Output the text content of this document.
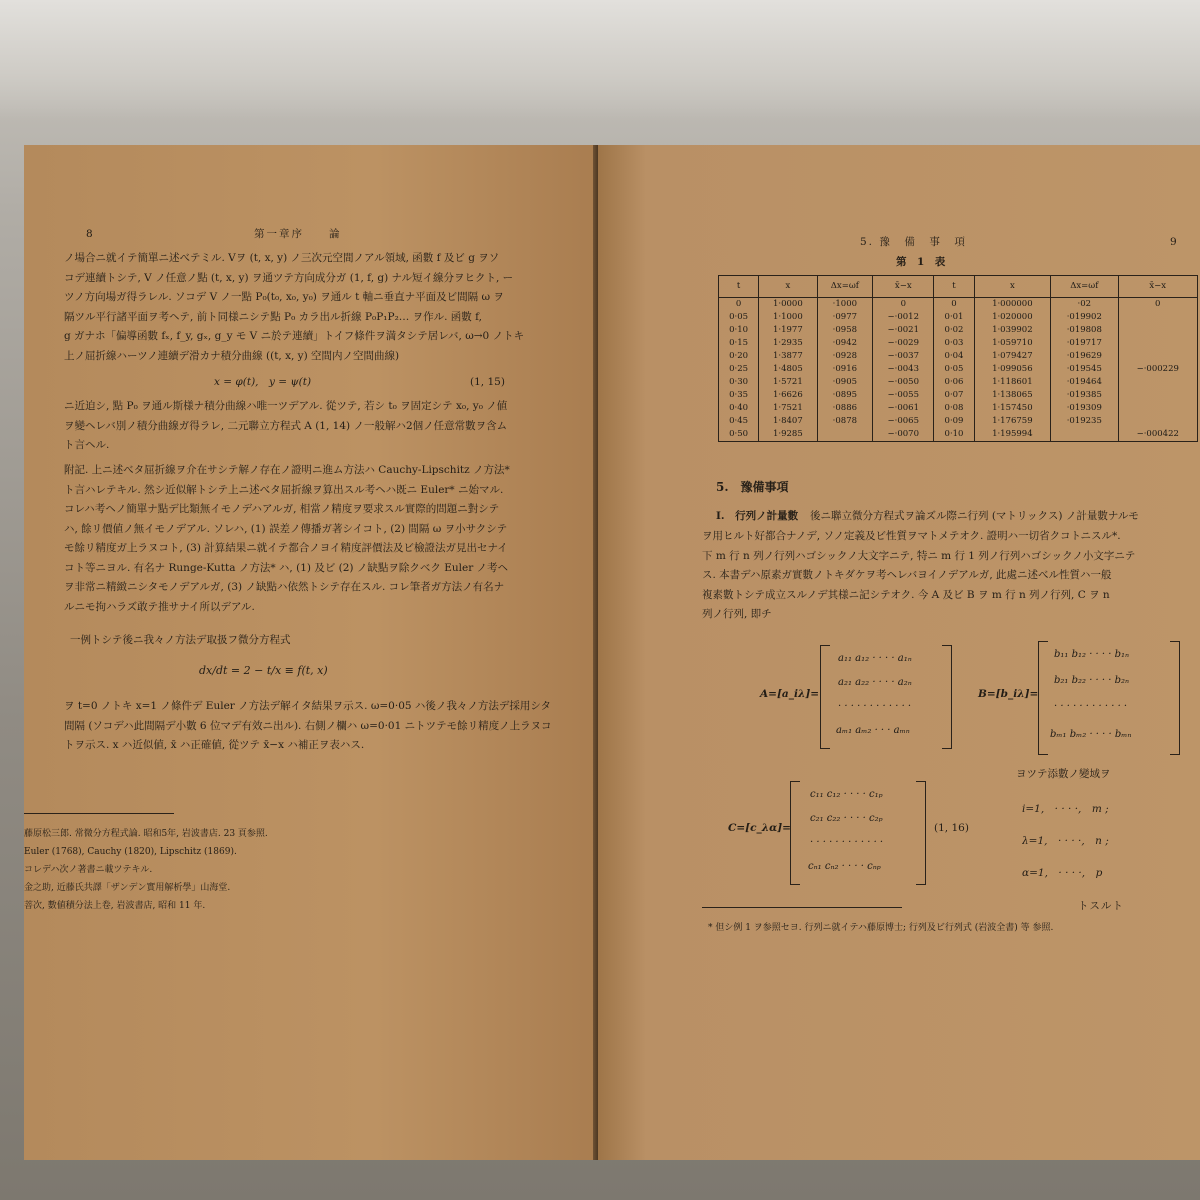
8	第一章序　　論
ノ場合ニ就イテ簡單ニ述べテミル. Vヲ (t, x, y) ノ三次元空間ノアル領域, 函數 f 及ビ g ヲソ
コデ連續トシテ, V ノ任意ノ點 (t, x, y) ヲ通ツテ方向成分ガ (1, f, g) ナル短イ線分ヲヒクト, ー
ツノ方向場ガ得ラレル. ソコデ V ノ一點 P₀(t₀, x₀, y₀) ヲ通ル t 軸ニ垂直ナ平面及ビ間隔 ω ヲ
隔ツル平行諸平面ヲ考ヘテ, 前ト同様ニシテ點 P₀ カラ出ル折線 P₀P₁P₂… ヲ作ル. 函數 f,
g ガナホ「偏導函數 fₓ, f_y, gₓ, g_y モ V ニ於テ連續」トイフ條件ヲ満タシテ居レバ, ω→0 ノトキ
上ノ屈折線ハーツノ連續デ滑カナ積分曲線 ((t, x, y) 空間内ノ空間曲線)
x = φ(t),　y = ψ(t)	(1, 15)
ニ近迫シ, 點 P₀ ヲ通ル斯様ナ積分曲線ハ唯一ツデアル. 從ツテ, 若シ t₀ ヲ固定シテ x₀, y₀ ノ値
ヲ變ヘレバ別ノ積分曲線ガ得ラレ, 二元聯立方程式 A (1, 14) ノ一般解ハ2個ノ任意常數ヲ含ム
ト言ヘル.
附記. 上ニ述べタ屈折線ヲ介在サシテ解ノ存在ノ證明ニ進ム方法ハ Cauchy-Lipschitz ノ方法*
ト言ハレテキル. 然シ近似解トシテ上ニ述べタ屈折線ヲ算出スル考ヘハ既ニ Euler* ニ始マル.
コレハ考ヘノ簡單ナ點デ比類無イモノデハアルガ, 相當ノ精度ヲ要求スル實際的問題ニ對シテ
ハ, 餘リ價値ノ無イモノデアル. ソレハ, (1) 誤差ノ傳播ガ著シイコト, (2) 間隔 ω ヲ小サクシテ
モ餘リ精度ガ上ラヌコト, (3) 計算結果ニ就イテ都合ノヨイ精度評價法及ビ檢證法ガ見出セナイ
コト等ニヨル. 有名ナ Runge-Kutta ノ方法* ハ, (1) 及ビ (2) ノ缺點ヲ除クベク Euler ノ考ヘ
ヲ非常ニ精緻ニシタモノデアルガ, (3) ノ缺點ハ依然トシテ存在スル. コレ筆者ガ方法ノ有名ナ
ルニモ拘ハラズ敢テ推サナイ所以デアル.
一例トシテ後ニ我々ノ方法デ取扱フ微分方程式
dx/dt = 2 − t/x ≡ f(t, x)
ヲ t=0 ノトキ x=1 ノ條件デ Euler ノ方法デ解イタ結果ヲ示ス. ω=0·05 ハ後ノ我々ノ方法デ採用シタ
間隔 (ソコデハ此間隔デ小數 6 位マデ有效ニ出ル). 右側ノ欄ハ ω=0·01 ニトツテモ餘リ精度ノ上ラヌコ
トヲ示ス. x ハ近似値, x̄ ハ正確値, 從ツテ x̄−x ハ補正ヲ表ハス.
藤原松三郎. 常微分方程式論. 昭和5年, 岩波書店. 23 頁参照.
Euler (1768), Cauchy (1820), Lipschitz (1869).
コレデハ次ノ著書ニ載ツテキル.
金之助, 近藤氏共譯「ザンデン實用解析學」山海堂.
菩次, 數値積分法上卷, 岩波書店, 昭和 11 年.
5. 豫　備　事　項	9
第　1　表
t	x	Δx=ωf	x̄−x	t	x	Δx=ωf	x̄−x
0	1·0000	·1000	0	0	1·000000	·02	0
0·05	1·1000	·0977	−·0012	0·01	1·020000	·019902	
0·10	1·1977	·0958	−·0021	0·02	1·039902	·019808	
0·15	1·2935	·0942	−·0029	0·03	1·059710	·019717	
0·20	1·3877	·0928	−·0037	0·04	1·079427	·019629	
0·25	1·4805	·0916	−·0043	0·05	1·099056	·019545	−·000229
0·30	1·5721	·0905	−·0050	0·06	1·118601	·019464	
0·35	1·6626	·0895	−·0055	0·07	1·138065	·019385	
0·40	1·7521	·0886	−·0061	0·08	1·157450	·019309	
0·45	1·8407	·0878	−·0065	0·09	1·176759	·019235	
0·50	1·9285		−·0070	0·10	1·195994		−·000422
5.　豫備事項
I.　行列ノ計量數 後ニ聯立微分方程式ヲ論ズル際ニ行列 (マトリックス) ノ計量數ナルモ
ヲ用ヒルト好都合ナノデ, ソノ定義及ビ性質ヲマトメテオク. 證明ハ一切省クコトニスル*.
下 m 行 n 列ノ行列ハゴシックノ大文字ニテ, 特ニ m 行 1 列ノ行列ハゴシックノ小文字ニテ
ス. 本書デハ原素ガ實數ノトキダケヲ考ヘレバヨイノデアルガ, 此處ニ述べル性質ハ一般
複素數トシテ成立スルノデ其様ニ記シテオク. 今 A 及ビ B ヲ m 行 n 列ノ行列, C ヲ n
列ノ行列, 即チ
A=[a_iλ]=
a₁₁ a₁₂ · · · · a₁ₙ
a₂₁ a₂₂ · · · · a₂ₙ
· · · · · · · · · · · ·
aₘ₁ aₘ₂ · · · aₘₙ
B=[b_iλ]=
b₁₁ b₁₂ · · · · b₁ₙ
b₂₁ b₂₂ · · · · b₂ₙ
· · · · · · · · · · · ·
bₘ₁ bₘ₂ · · · · bₘₙ
ヨツテ添數ノ變域ヲ
C=[c_λα]=
c₁₁ c₁₂ · · · · c₁ₚ
c₂₁ c₂₂ · · · · c₂ₚ
· · · · · · · · · · · ·
cₙ₁ cₙ₂ · · · · cₙₚ
(1, 16)
i=1,　· · · ·,　m ;
λ=1,　· · · ·,　n ;
α=1,　· · · ·,　p
トスルト
* 但シ例 1 ヲ参照セヨ. 行列ニ就イテハ藤原博士; 行列及ビ行列式 (岩波全書) 等 参照.
